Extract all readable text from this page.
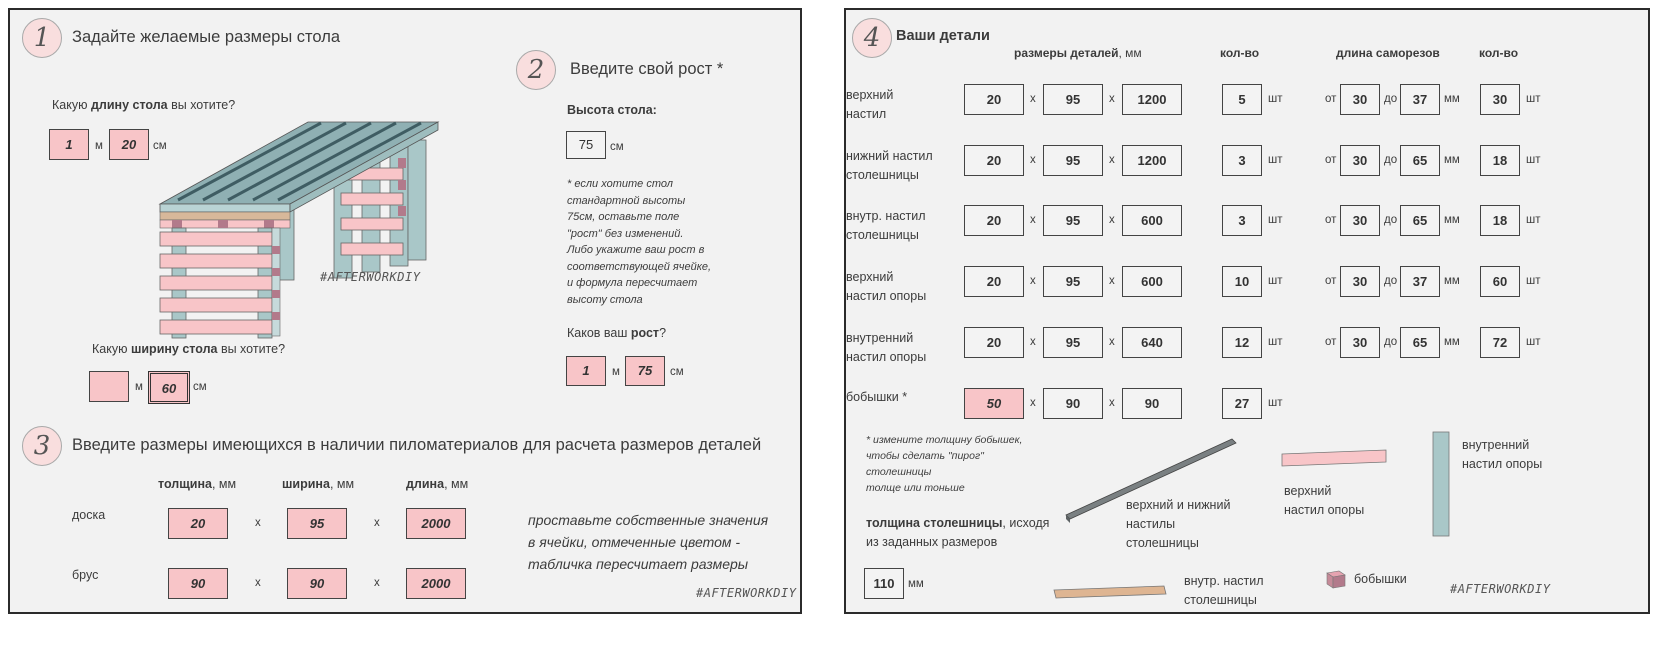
1	Задайте желаемые размеры стола
Какую длину стола вы хотите?
1	м	20	см
#AFTERWORKDIY
Какую ширину стола вы хотите?
м	60	см
2	Введите свой рост *
Высота стола:
75	см
* если хотите стол
стандартной высоты
75см, оставьте поле
"рост" без изменений.
Либо укажите ваш рост в
соответствующей ячейке,
и формула пересчитает
высоту стола
Каков ваш рост?
1	м	75	см
3	Введите размеры имеющихся в наличии пиломатериалов для расчета размеров деталей
толщина, мм	ширина, мм	длина, мм
доска
20	x	95	x	2000
брус
90	x	90	x	2000
проставьте собственные значения
в ячейки, отмеченные цветом -
табличка пересчитает размеры
#AFTERWORKDIY
4	Ваши детали
размеры деталей, мм	кол-во	длина саморезов	кол-во
верхний
настил
20	x	95	x	1200	5	шт	от	30	до	37	мм	30	шт
нижний настил
столешницы
20	x	95	x	1200	3	шт	от	30	до	65	мм	18	шт
внутр. настил
столешницы
20	x	95	x	600	3	шт	от	30	до	65	мм	18	шт
верхний
настил опоры
20	x	95	x	600	10	шт	от	30	до	37	мм	60	шт
внутренний
настил опоры
20	x	95	x	640	12	шт	от	30	до	65	мм	72	шт
бобышки *	50	x	90	x	90	27	шт
* измените толщину бобышек,
чтобы сделать "пирог"
столешницы
толще или тоньше
толщина столешницы, исходя
из заданных размеров
110	мм
верхний и нижний
настилы
столешницы
верхний
настил опоры
внутренний
настил опоры
внутр. настил
столешницы
бобышки
#AFTERWORKDIY
